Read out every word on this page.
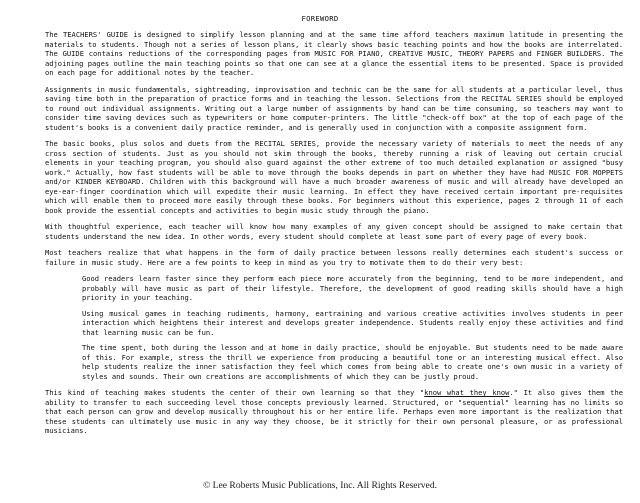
FOREWORD

The TEACHERS' GUIDE is designed to simplify lesson planning and at the same time afford teachers maximum latitude in presenting the materials to students. Though not a series of lesson plans, it clearly shows basic teaching points and how the books are interrelated. The GUIDE contains reductions of the corresponding pages from MUSIC FOR PIANO, CREATIVE MUSIC, THEORY PAPERS and FINGER BUILDERS. The adjoining pages outline the main teaching points so that one can see at a glance the essential items to be presented. Space is provided on each page for additional notes by the teacher.

Assignments in music fundamentals, sightreading, improvisation and technic can be the same for all students at a particular level, thus saving time both in the preparation of practice forms and in teaching the lesson. Selections from the RECITAL SERIES should be employed to round out individual assignments. Writing out a large number of assignments by hand can be time consuming, so teachers may want to consider time saving devices such as typewriters or home computer-printers. The little "check-off box" at the top of each page of the student's books is a convenient daily practice reminder, and is generally used in conjunction with a composite assignment form.

The basic books, plus solos and duets from the RECITAL SERIES, provide the necessary variety of materials to meet the needs of any cross section of students. Just as you should not skim through the books, thereby running a risk of leaving out certain crucial elements in your teaching program, you should also guard against the other extreme of too much detailed explanation or assigned "busy work." Actually, how fast students will be able to move through the books depends in part on whether they have had MUSIC FOR MOPPETS and/or KINDER KEYBOARD. Children with this background will have a much broader awareness of music and will already have developed an eye-ear-finger coordination which will expedite their music learning. In effect they have received certain important pre-requisites which will enable them to proceed more easily through these books. For beginners without this experience, pages 2 through 11 of each book provide the essential concepts and activities to begin music study through the piano.

With thoughtful experience, each teacher will know how many examples of any given concept should be assigned to make certain that students understand the new idea. In other words, every student should complete at least some part of every page of every book.

Most teachers realize that what happens in the form of daily practice between lessons really determines each student's success or failure in music study. Here are a few points to keep in mind as you try to motivate them to do their very best:

Good readers learn faster since they perform each piece more accurately from the beginning, tend to be more independent, and probably will have music as part of their lifestyle. Therefore, the development of good reading skills should have a high priority in your teaching.

Using musical games in teaching rudiments, harmony, eartraining and various creative activities involves students in peer interaction which heightens their interest and develops greater independence. Students really enjoy these activities and find that learning music can be fun.

The time spent, both during the lesson and at home in daily practice, should be enjoyable. But students need to be made aware of this. For example, stress the thrill we experience from producing a beautiful tone or an interesting musical effect. Also help students realize the inner satisfaction they feel which comes from being able to create one's own music in a variety of styles and sounds. Their own creations are accomplishments of which they can be justly proud.

This kind of teaching makes students the center of their own learning so that they "know what they know." It also gives them the ability to transfer to each succeeding level those concepts previously learned. Structured, or "sequential" learning has no limits so that each person can grow and develop musically throughout his or her entire life. Perhaps even more important is the realization that these students can ultimately use music in any way they choose, be it strictly for their own personal pleasure, or as professional musicians.

© Lee Roberts Music Publications, Inc. All Rights Reserved.
